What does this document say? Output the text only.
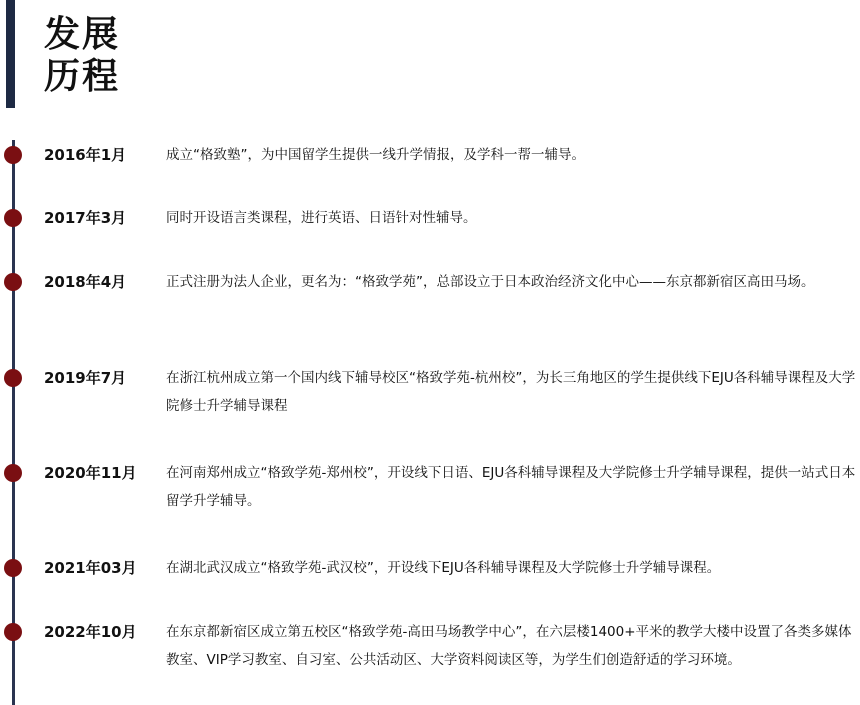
发展
历程
2016年1月	成立“格致塾”，为中国留学生提供一线升学情报，及学科一帮一辅导。
2017年3月	同时开设语言类课程，进行英语、日语针对性辅导。
2018年4月	正式注册为法人企业，更名为：“格致学苑”，总部设立于日本政治经济文化中心——东京都新宿区高田马场。
2019年7月	在浙江杭州成立第一个国内线下辅导校区“格致学苑-杭州校”，为长三角地区的学生提供线下EJU各科辅导课程及大学院修士升学辅导课程
2020年11月	在河南郑州成立“格致学苑-郑州校”，开设线下日语、EJU各科辅导课程及大学院修士升学辅导课程，提供一站式日本留学升学辅导。
2021年03月	在湖北武汉成立“格致学苑-武汉校”，开设线下EJU各科辅导课程及大学院修士升学辅导课程。
2022年10月	在东京都新宿区成立第五校区“格致学苑-高田马场教学中心”，在六层楼1400+平米的教学大楼中设置了各类多媒体教室、VIP学习教室、自习室、公共活动区、大学资料阅读区等，为学生们创造舒适的学习环境。
